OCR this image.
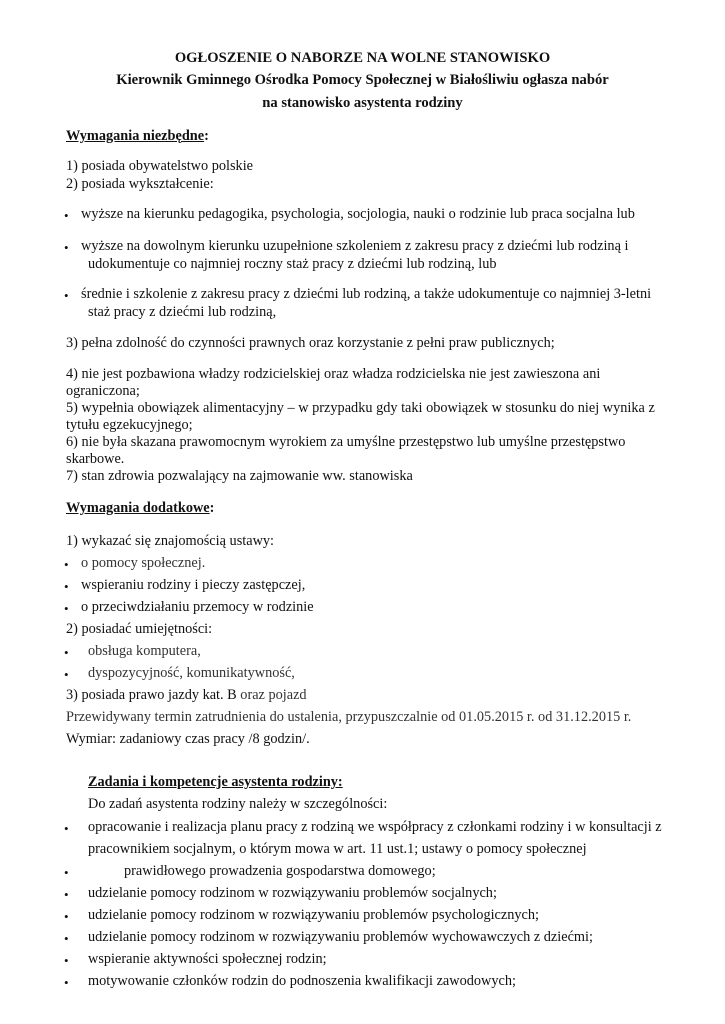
OGŁOSZENIE O NABORZE NA WOLNE STANOWISKO
Kierownik Gminnego Ośrodka Pomocy Społecznej w Białośliwiu ogłasza nabór
na stanowisko asystenta rodziny
Wymagania niezbędne:
1) posiada obywatelstwo polskie
2) posiada wykształcenie:
• wyższe na kierunku pedagogika, psychologia, socjologia, nauki o rodzinie lub praca socjalna lub
• wyższe na dowolnym kierunku uzupełnione szkoleniem z zakresu pracy z dziećmi lub rodziną i
udokumentuje co najmniej roczny staż pracy z dziećmi lub rodziną, lub
• średnie i szkolenie z zakresu pracy z dziećmi lub rodziną, a także udokumentuje co najmniej 3-letni
staż pracy z dziećmi lub rodziną,
3) pełna zdolność do czynności prawnych oraz korzystanie z pełni praw publicznych;
4) nie jest pozbawiona władzy rodzicielskiej oraz władza rodzicielska nie jest zawieszona ani
ograniczona;
5) wypełnia obowiązek alimentacyjny – w przypadku gdy taki obowiązek w stosunku do niej wynika z
tytułu egzekucyjnego;
6) nie była skazana prawomocnym wyrokiem za umyślne przestępstwo lub umyślne przestępstwo
skarbowe.
7) stan zdrowia pozwalający na zajmowanie ww. stanowiska
Wymagania dodatkowe:
1) wykazać się znajomością ustawy:
• o pomocy społecznej.
• wspieraniu rodziny i pieczy zastępczej,
• o przeciwdziałaniu przemocy w rodzinie
2) posiadać umiejętności:
• obsługa komputera,
• dyspozycyjność, komunikatywność,
3) posiada prawo jazdy kat. B oraz pojazd
Przewidywany termin zatrudnienia do ustalenia, przypuszczalnie od 01.05.2015 r. od 31.12.2015 r.
Wymiar: zadaniowy czas pracy /8 godzin/.
Zadania i kompetencje asystenta rodziny:
Do zadań asystenta rodziny należy w szczególności:
• opracowanie i realizacja planu pracy z rodziną we współpracy z członkami rodziny i w konsultacji z
pracownikiem socjalnym, o którym mowa w art. 11 ust.1; ustawy o pomocy społecznej
•	prawidłowego prowadzenia gospodarstwa domowego;
• udzielanie pomocy rodzinom w rozwiązywaniu problemów socjalnych;
• udzielanie pomocy rodzinom w rozwiązywaniu problemów psychologicznych;
• udzielanie pomocy rodzinom w rozwiązywaniu problemów wychowawczych z dziećmi;
• wspieranie aktywności społecznej rodzin;
• motywowanie członków rodzin do podnoszenia kwalifikacji zawodowych;
